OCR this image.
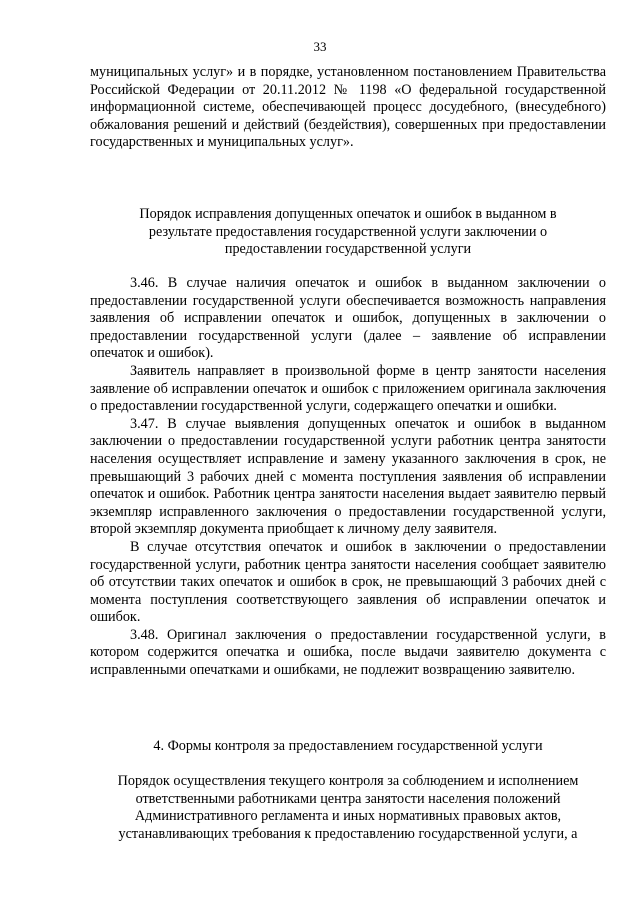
33

муниципальных услуг» и в порядке, установленном постановлением Правительства Российской Федерации от 20.11.2012 № 1198 «О федеральной государственной информационной системе, обеспечивающей процесс досудебного, (внесудебного) обжалования решений и действий (бездействия), совершенных при предоставлении государственных и муниципальных услуг».

Порядок исправления допущенных опечаток и ошибок в выданном в
результате предоставления государственной услуги заключении о
предоставлении государственной услуги

3.46. В случае наличия опечаток и ошибок в выданном заключении о предоставлении государственной услуги обеспечивается возможность направления заявления об исправлении опечаток и ошибок, допущенных в заключении о предоставлении государственной услуги (далее – заявление об исправлении опечаток и ошибок).

Заявитель направляет в произвольной форме в центр занятости населения заявление об исправлении опечаток и ошибок с приложением оригинала заключения о предоставлении государственной услуги, содержащего опечатки и ошибки.

3.47. В случае выявления допущенных опечаток и ошибок в выданном заключении о предоставлении государственной услуги работник центра занятости населения осуществляет исправление и замену указанного заключения в срок, не превышающий 3 рабочих дней с момента поступления заявления об исправлении опечаток и ошибок. Работник центра занятости населения выдает заявителю первый экземпляр исправленного заключения о предоставлении государственной услуги, второй экземпляр документа приобщает к личному делу заявителя.

В случае отсутствия опечаток и ошибок в заключении о предоставлении государственной услуги, работник центра занятости населения сообщает заявителю об отсутствии таких опечаток и ошибок в срок, не превышающий 3 рабочих дней с момента поступления соответствующего заявления об исправлении опечаток и ошибок.

3.48. Оригинал заключения о предоставлении государственной услуги, в котором содержится опечатка и ошибка, после выдачи заявителю документа с исправленными опечатками и ошибками, не подлежит возвращению заявителю.

4. Формы контроля за предоставлением государственной услуги
Порядок осуществления текущего контроля за соблюдением и исполнением
ответственными работниками центра занятости населения положений
Административного регламента и иных нормативных правовых актов,
устанавливающих требования к предоставлению государственной услуги, а
